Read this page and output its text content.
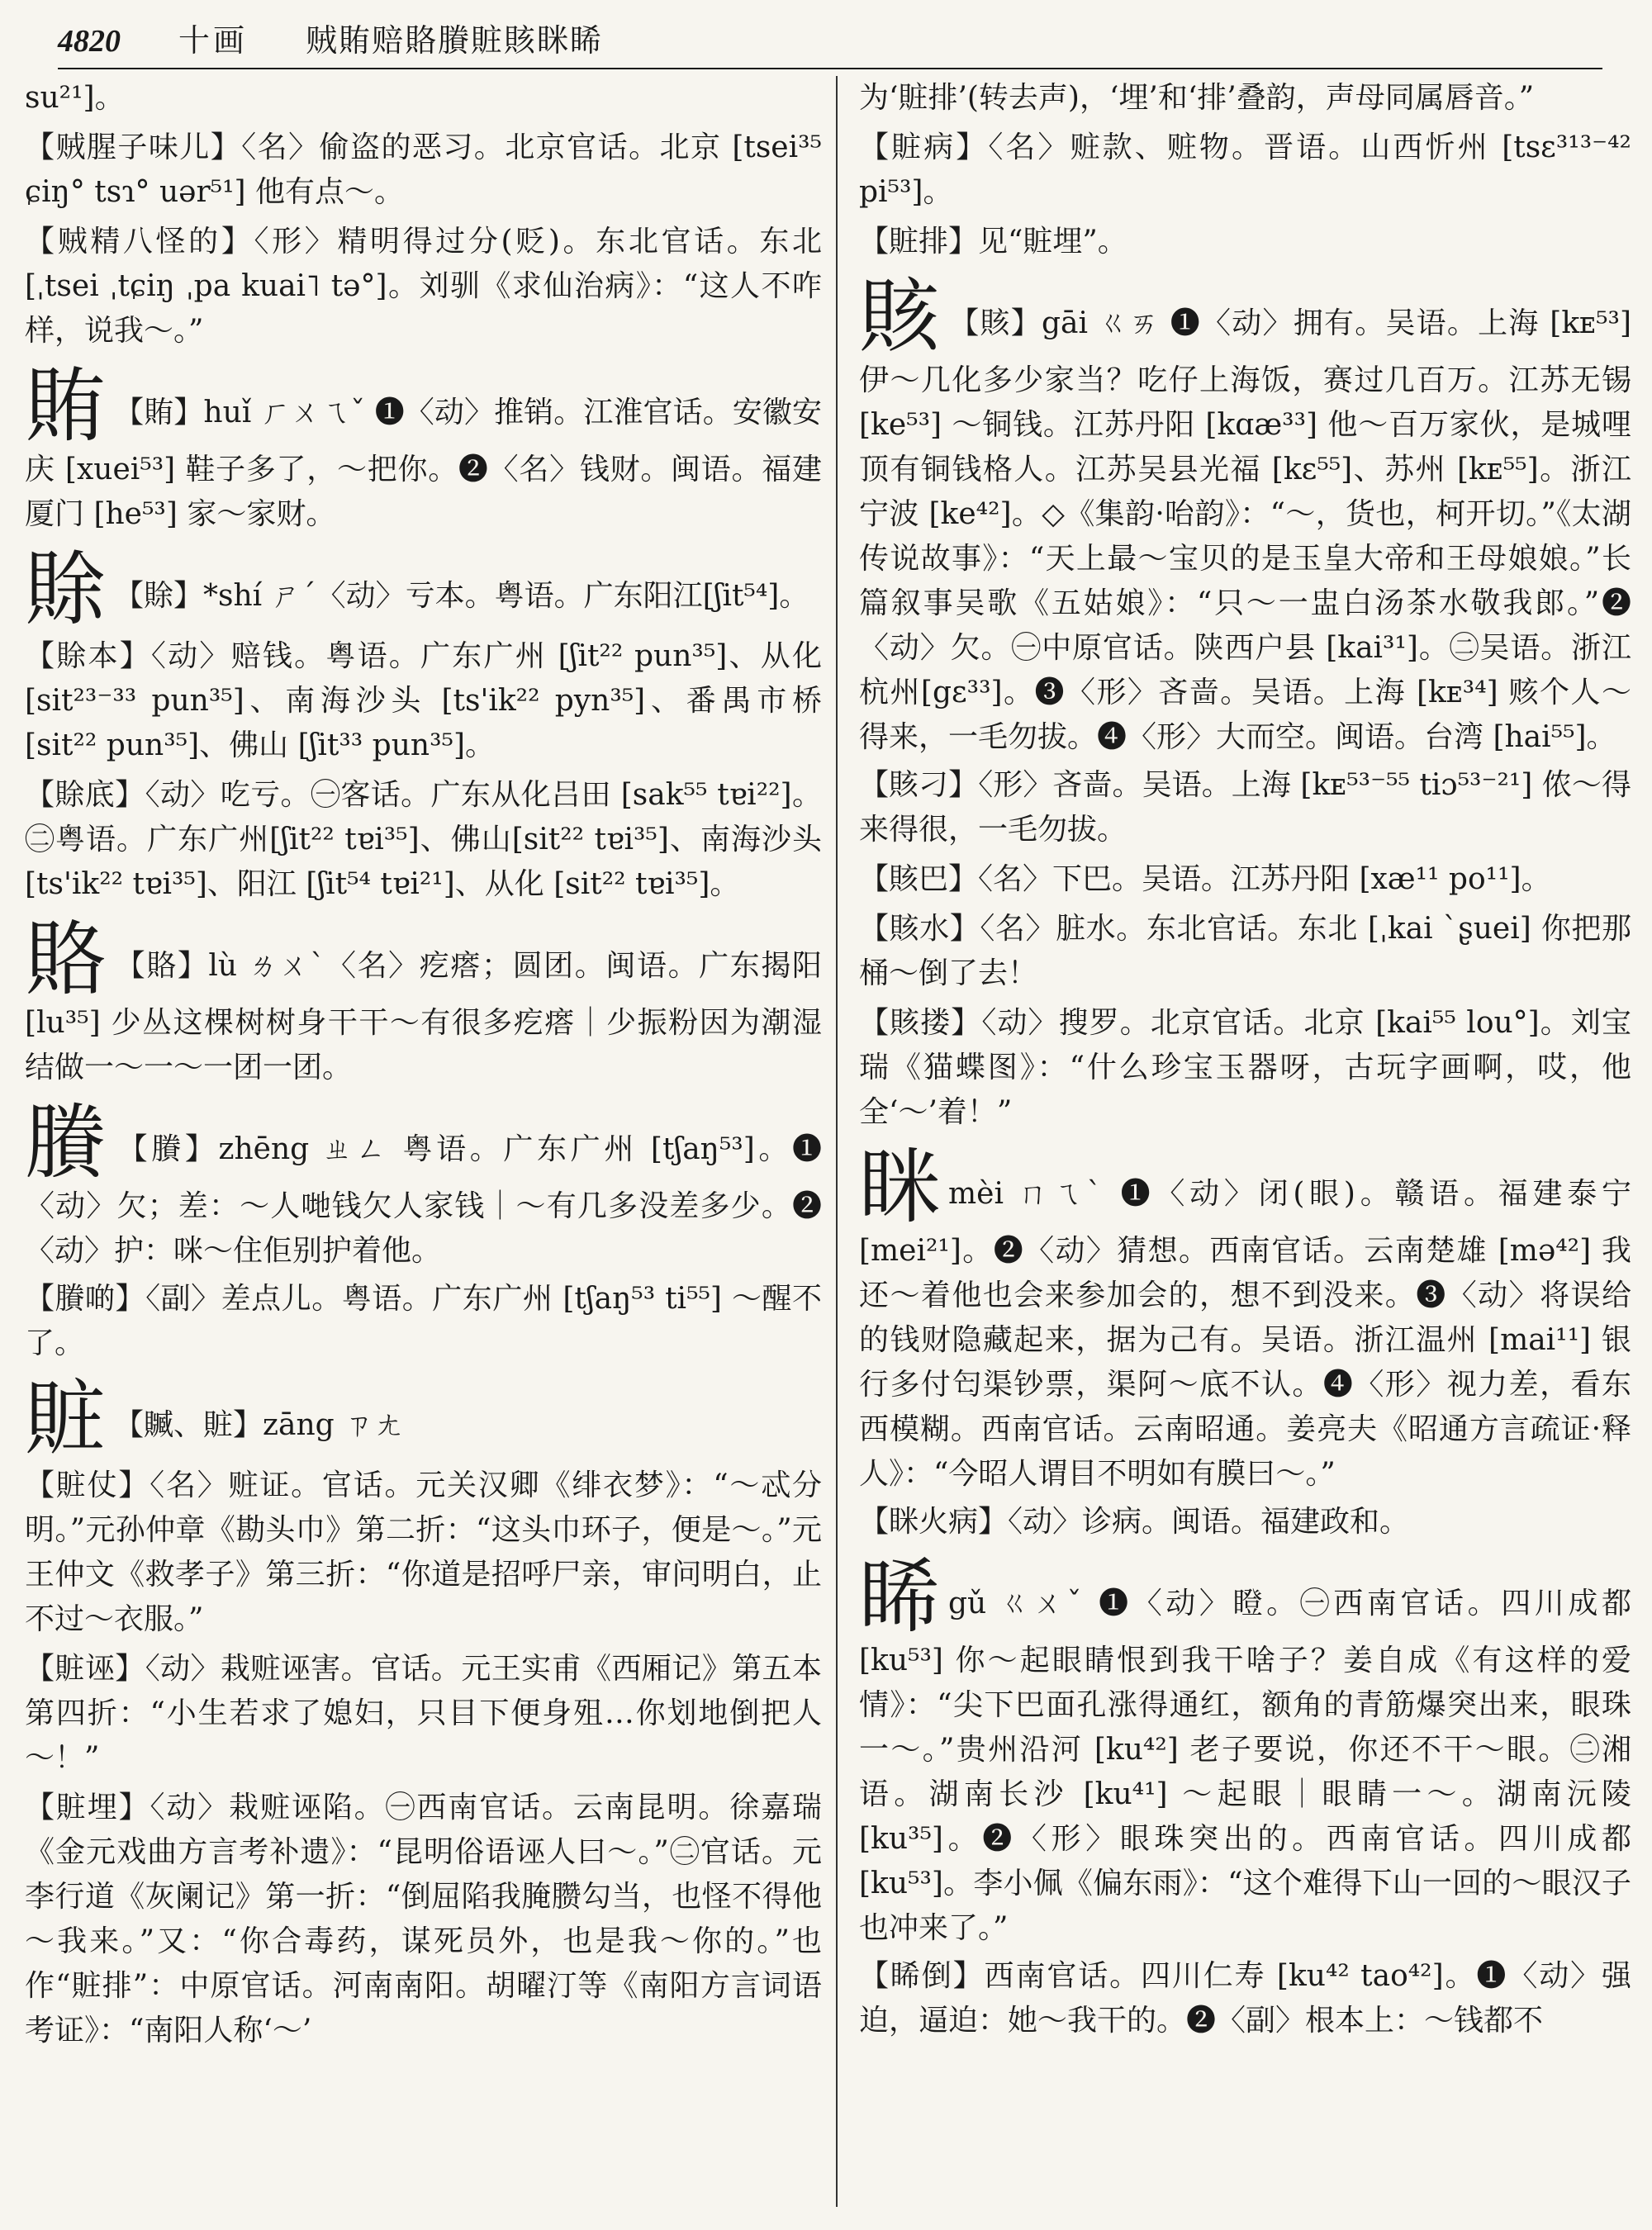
4820 十画 贼賄赔賂賸賍賅眯睎

su²¹]。

【贼腥子味儿】〈名〉偷盗的恶习。北京官话。北京 [tsei³⁵ ɕiŋ° tsɿ° uər⁵¹] 他有点～。

【贼精八怪的】〈形〉精明得过分(贬)。东北官话。东北 [ˌtsei ˌtɕiŋ ˌpa kuai˥ tə°]。刘驯《求仙治病》：“这人不咋样，说我～。”

賄 【賄】huǐ ㄏㄨㄟˇ ❶〈动〉推销。江淮官话。安徽安庆 [xuei⁵³] 鞋子多了，～把你。❷〈名〉钱财。闽语。福建厦门 [he⁵³] 家～家财。

賖 【賖】*shí ㄕˊ〈动〉亏本。粤语。广东阳江[ʃit⁵⁴]。

【賖本】〈动〉赔钱。粤语。广东广州 [ʃit²² pun³⁵]、从化 [sit²³⁻³³ pun³⁵]、南海沙头 [ts'ik²² pyn³⁵]、番禺市桥 [sit²² pun³⁵]、佛山 [ʃit³³ pun³⁵]。

【賖底】〈动〉吃亏。㊀客话。广东从化吕田 [sak⁵⁵ tɐi²²]。㊁粤语。广东广州[ʃit²² tɐi³⁵]、佛山[sit²² tɐi³⁵]、南海沙头 [ts'ik²² tɐi³⁵]、阳江 [ʃit⁵⁴ tɐi²¹]、从化 [sit²² tɐi³⁵]。

賂 【賂】lù ㄌㄨˋ〈名〉疙瘩；圆团。闽语。广东揭阳 [lu³⁵] 少丛这棵树树身干干～有很多疙瘩｜少振粉因为潮湿结做一～一～一团一团。

賸 【賸】zhēng ㄓㄥ 粤语。广东广州 [tʃaŋ⁵³]。❶〈动〉欠；差：～人哋钱欠人家钱｜～有几多没差多少。❷〈动〉护：咪～住佢别护着他。

【賸啲】〈副〉差点儿。粤语。广东广州 [tʃaŋ⁵³ ti⁵⁵] ～醒不了。

賍 【贓、賍】zāng ㄗㄤ

【賍仗】〈名〉赃证。官话。元关汉卿《绯衣梦》：“～忒分明。”元孙仲章《勘头巾》第二折：“这头巾环子，便是～。”元王仲文《救孝子》第三折：“你道是招呼尸亲，审问明白，止不过～衣服。”

【賍诬】〈动〉栽赃诬害。官话。元王实甫《西厢记》第五本第四折：“小生若求了媳妇，只目下便身殂…你划地倒把人～！”

【賍埋】〈动〉栽赃诬陷。㊀西南官话。云南昆明。徐嘉瑞《金元戏曲方言考补遗》：“昆明俗语诬人曰～。”㊁官话。元李行道《灰阑记》第一折：“倒屈陷我腌臜勾当，也怪不得他～我来。”又：“你合毒药，谋死员外，也是我～你的。”也作“賍排”：中原官话。河南南阳。胡曜汀等《南阳方言词语考证》：“南阳人称‘～’

为‘賍排’(转去声)，‘埋’和‘排’叠韵，声母同属唇音。”

【賍病】〈名〉赃款、赃物。晋语。山西忻州 [tsɛ³¹³⁻⁴² pi⁵³]。

【賍排】见“賍埋”。

賅 【賅】gāi ㄍㄞ ❶〈动〉拥有。吴语。上海 [kᴇ⁵³] 伊～几化多少家当？吃仔上海饭，赛过几百万。江苏无锡 [ke⁵³] ～铜钱。江苏丹阳 [kɑæ³³] 他～百万家伙，是城哩顶有铜钱格人。江苏吴县光福 [kɛ⁵⁵]、苏州 [kᴇ⁵⁵]。浙江宁波 [ke⁴²]。◇《集韵·咍韵》：“～，货也，柯开切。”《太湖传说故事》：“天上最～宝贝的是玉皇大帝和王母娘娘。”长篇叙事吴歌《五姑娘》：“只～一盅白汤茶水敬我郎。”❷〈动〉欠。㊀中原官话。陕西户县 [kai³¹]。㊁吴语。浙江杭州[gɛ³³]。❸〈形〉吝啬。吴语。上海 [kᴇ³⁴] 赅个人～得来，一毛勿拔。❹〈形〉大而空。闽语。台湾 [hai⁵⁵]。

【賅刁】〈形〉吝啬。吴语。上海 [kᴇ⁵³⁻⁵⁵ tiɔ⁵³⁻²¹] 侬～得来得很，一毛勿拔。

【賅巴】〈名〉下巴。吴语。江苏丹阳 [xæ¹¹ po¹¹]。

【賅水】〈名〉脏水。东北官话。东北 [ˌkai ˋʂuei] 你把那桶～倒了去！

【賅搂】〈动〉搜罗。北京官话。北京 [kai⁵⁵ lou°]。刘宝瑞《猫蝶图》：“什么珍宝玉器呀，古玩字画啊，哎，他全‘～’着！”

眯mèi ㄇㄟˋ ❶〈动〉闭(眼)。赣语。福建泰宁 [mei²¹]。❷〈动〉猜想。西南官话。云南楚雄 [mə⁴²] 我还～着他也会来参加会的，想不到没来。❸〈动〉将误给的钱财隐藏起来，据为己有。吴语。浙江温州 [mai¹¹] 银行多付匄渠钞票，渠阿～底不认。❹〈形〉视力差，看东西模糊。西南官话。云南昭通。姜亮夫《昭通方言疏证·释人》：“今昭人谓目不明如有膜曰～。”

【眯火病】〈动〉诊病。闽语。福建政和。

睎gǔ ㄍㄨˇ ❶〈动〉瞪。㊀西南官话。四川成都 [ku⁵³] 你～起眼睛恨到我干啥子？姜自成《有这样的爱情》：“尖下巴面孔涨得通红，额角的青筋爆突出来，眼珠一～。”贵州沿河 [ku⁴²] 老子要说，你还不干～眼。㊁湘语。湖南长沙 [ku⁴¹] ～起眼｜眼睛一～。湖南沅陵 [ku³⁵]。❷〈形〉眼珠突出的。西南官话。四川成都 [ku⁵³]。李小佩《偏东雨》：“这个难得下山一回的～眼汉子也冲来了。”

【睎倒】西南官话。四川仁寿 [ku⁴² tao⁴²]。❶〈动〉强迫，逼迫：她～我干的。❷〈副〉根本上：～钱都不
